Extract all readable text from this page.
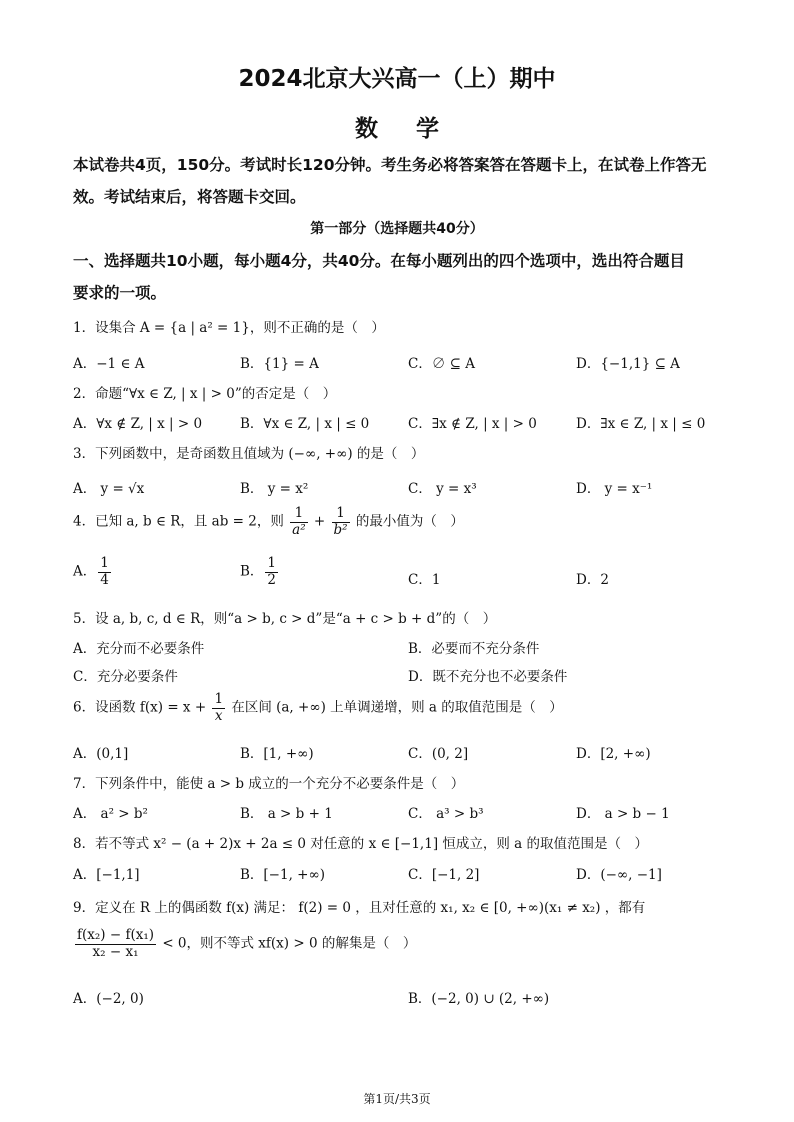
2024北京大兴高一（上）期中
数学
本试卷共4页，150分。考试时长120分钟。考生务必将答案答在答题卡上，在试卷上作答无
效。考试结束后，将答题卡交回。
第一部分（选择题共40分）
一、选择题共10小题，每小题4分，共40分。在每小题列出的四个选项中，选出符合题目
要求的一项。
1．设集合 A = {a | a² = 1}，则不正确的是（　）
A．−1 ∈ A	B．{1} = A	C．∅ ⊆ A	D．{−1,1} ⊆ A
2．命题“∀x ∈ Z, | x | > 0”的否定是（　）
A．∀x ∉ Z, | x | > 0	B．∀x ∈ Z, | x | ≤ 0	C．∃x ∉ Z, | x | > 0	D．∃x ∈ Z, | x | ≤ 0
3．下列函数中，是奇函数且值域为 (−∞, +∞) 的是（　）
A． y = √x	B． y = x²	C． y = x³	D． y = x⁻¹
4．已知 a, b ∈ R，且 ab = 2，则 $\frac{1}{\text{a²}} + \frac{1}{\text{b²}}$ 的最小值为（　）
A． $\frac{1}{4}$	B． $\frac{1}{2}$	C．1	D．2
5．设 a, b, c, d ∈ R，则“a > b, c > d”是“a + c > b + d”的（　）
A．充分而不必要条件	B．必要而不充分条件
C．充分必要条件	D．既不充分也不必要条件
6．设函数 $f(x) = x + \frac{1}{x}$ 在区间 (a, +∞) 上单调递增，则 a 的取值范围是（　）
A．(0,1]	B．[1, +∞)	C．(0, 2]	D．[2, +∞)
7．下列条件中，能使 a > b 成立的一个充分不必要条件是（　）
A． a² > b²	B． a > b + 1	C． a³ > b³	D． a > b − 1
8．若不等式 x² − (a + 2)x + 2a ≤ 0 对任意的 x ∈ [−1,1] 恒成立，则 a 的取值范围是（　）
A．[−1,1]	B．[−1, +∞)	C．[−1, 2]	D．(−∞, −1]
9．定义在 R 上的偶函数 f(x) 满足： f(2) = 0 ，且对任意的 x₁, x₂ ∈ [0, +∞)(x₁ ≠ x₂) ，都有
$\frac{\text{f(x₂) − f(x₁)}}{\text{x₂ − x₁}} < 0$，则不等式 xf(x) > 0 的解集是（　）
A．(−2, 0)	B．(−2, 0) ∪ (2, +∞)
第1页/共3页
